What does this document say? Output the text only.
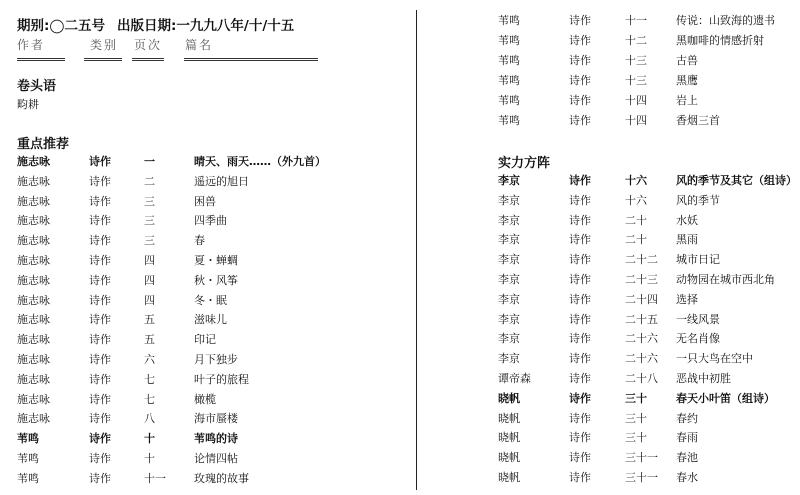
期别:◯二五号 出版日期:一九九八年/十/十五
作者	类别 页次 篇名
卷头语
畇耕
重点推荐
施志咏	诗作	一	晴天、雨天……（外九首）
施志咏	诗作	二	遥远的旭日
施志咏	诗作	三	困兽
施志咏	诗作	三	四季曲
施志咏	诗作	三	春
施志咏	诗作	四	夏・蝉蜩
施志咏	诗作	四	秋・风筝
施志咏	诗作	四	冬・眠
施志咏	诗作	五	滋味儿
施志咏	诗作	五	印记
施志咏	诗作	六	月下独步
施志咏	诗作	七	叶子的旅程
施志咏	诗作	七	橄榄
施志咏	诗作	八	海市蜃楼
苇鸣	诗作	十	苇鸣的诗
苇鸣	诗作	十	论情四帖
苇鸣	诗作	十一	玫瑰的故事
苇鸣	诗作	十一	传说：山致海的遗书
苇鸣	诗作	十二	黑咖啡的情感折射
苇鸣	诗作	十三	古兽
苇鸣	诗作	十三	黑鹰
苇鸣	诗作	十四	岩上
苇鸣	诗作	十四	香烟三首
实力方阵
李京	诗作	十六	风的季节及其它（组诗）
李京	诗作	十六	风的季节
李京	诗作	二十	水妖
李京	诗作	二十	黑雨
李京	诗作	二十二 城市日记
李京	诗作	二十三 动物园在城市西北角
李京	诗作	二十四 选择
李京	诗作	二十五 一线风景
李京	诗作	二十六 无名肖像
李京	诗作	二十六 一只大鸟在空中
谭帝森	诗作	二十八 恶战中初胜
晓帆	诗作	三十	春天小叶笛（组诗）
晓帆	诗作	三十	春约
晓帆	诗作	三十	春雨
晓帆	诗作	三十一 春池
晓帆	诗作	三十一 春水
